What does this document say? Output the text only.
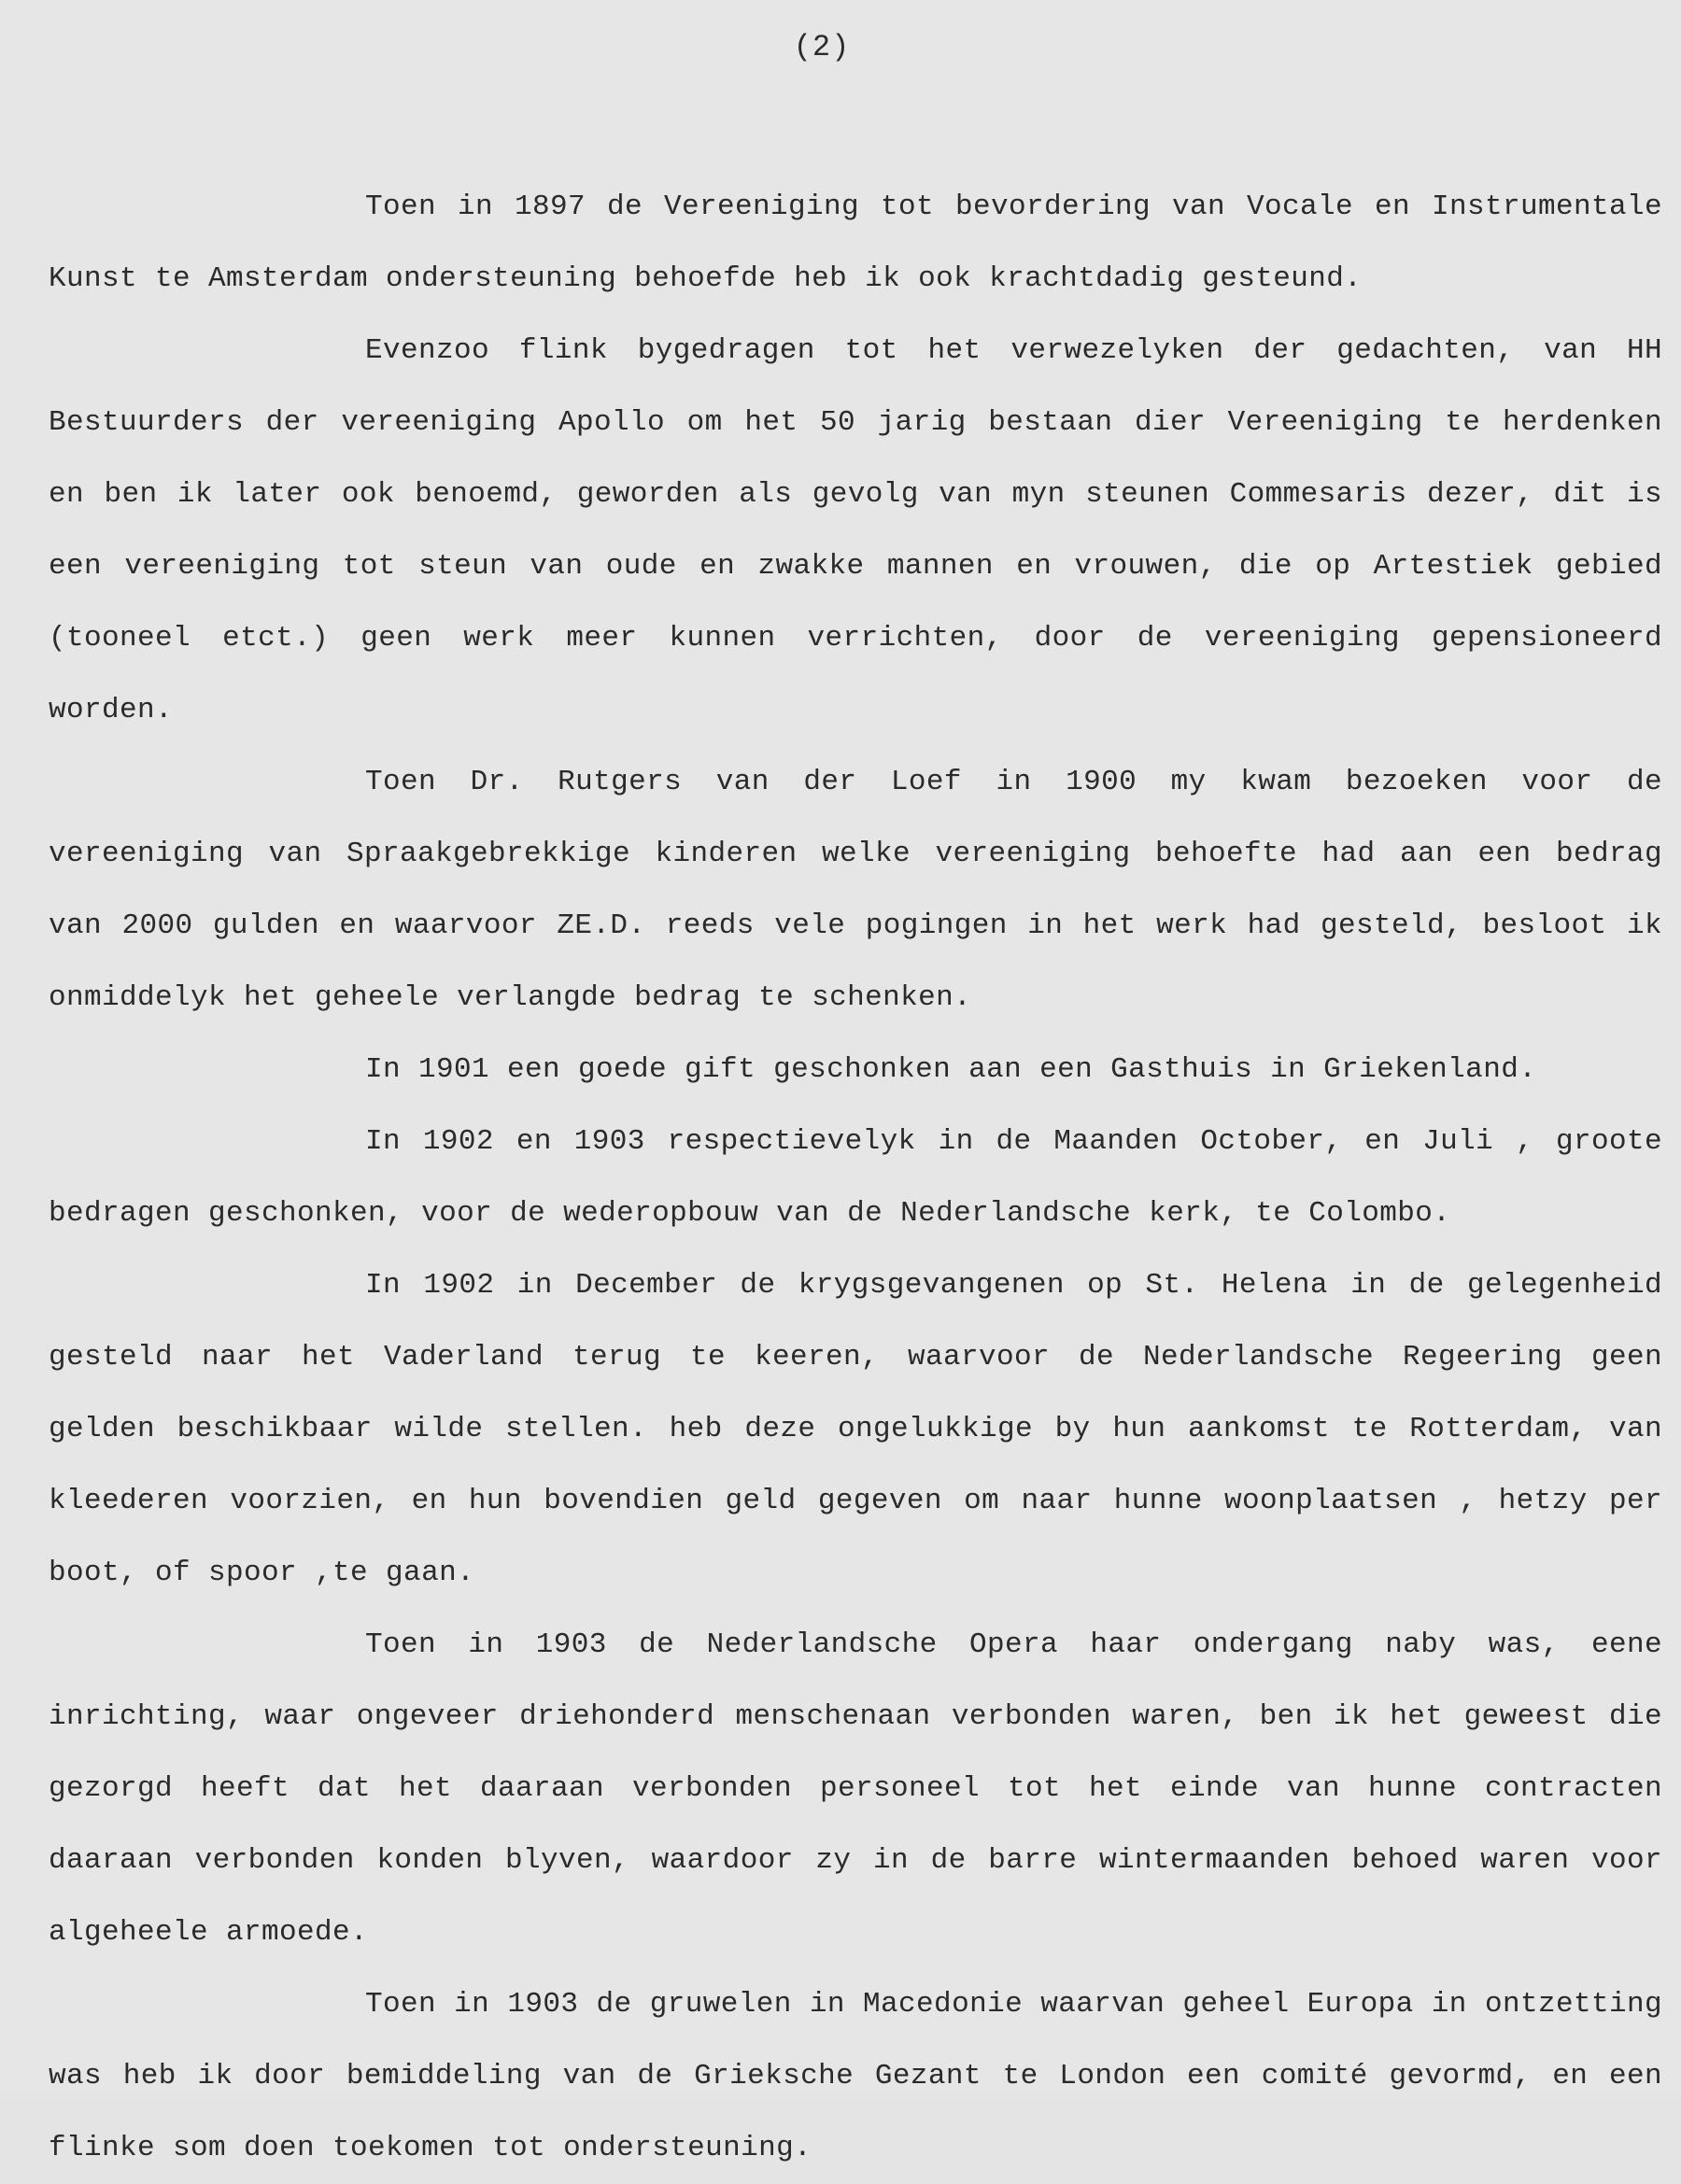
(2)

Toen in 1897 de Vereeniging tot bevordering van Vocale en Instrumentale Kunst te Amsterdam ondersteuning behoefde heb ik ook krachtdadig gesteund.

Evenzoo flink bygedragen tot het verwezelyken der gedachten, van HH Bestuurders der vereeniging Apollo om het 50 jarig bestaan dier Vereeniging te herdenken en ben ik later ook benoemd, geworden als gevolg van myn steunen Commesaris dezer, dit is een vereeniging tot steun van oude en zwakke mannen en vrouwen, die op Artestiek gebied (tooneel etct.) geen werk meer kunnen verrichten, door de vereeniging gepensioneerd worden.

Toen Dr. Rutgers van der Loef in 1900 my kwam bezoeken voor de vereeniging van Spraakgebrekkige kinderen welke vereeniging behoefte had aan een bedrag van 2000 gulden en waarvoor ZE.D. reeds vele pogingen in het werk had gesteld, besloot ik onmiddelyk het geheele verlangde bedrag te schenken.

In 1901 een goede gift geschonken aan een Gasthuis in Griekenland.

In 1902 en 1903 respectievelyk in de Maanden October, en Juli , groote bedragen geschonken, voor de wederopbouw van de Nederlandsche kerk, te Colombo.

In 1902 in December de krygsgevangenen op St. Helena in de gelegenheid gesteld naar het Vaderland terug te keeren, waarvoor de Nederlandsche Regeering geen gelden beschikbaar wilde stellen. heb deze ongelukkige by hun aankomst te Rotterdam, van kleederen voorzien, en hun bovendien geld gegeven om naar hunne woonplaatsen , hetzy per boot, of spoor ,te gaan.

Toen in 1903 de Nederlandsche Opera haar ondergang naby was, eene inrichting, waar ongeveer driehonderd menschenaan verbonden waren, ben ik het geweest die gezorgd heeft dat het daaraan verbonden personeel tot het einde van hunne contracten daaraan verbonden konden blyven, waardoor zy in de barre wintermaanden behoed waren voor algeheele armoede.

Toen in 1903 de gruwelen in Macedonie waarvan geheel Europa in ontzetting was heb ik door bemiddeling van de Grieksche Gezant te London een comité gevormd, en een flinke som doen toekomen tot ondersteuning.
